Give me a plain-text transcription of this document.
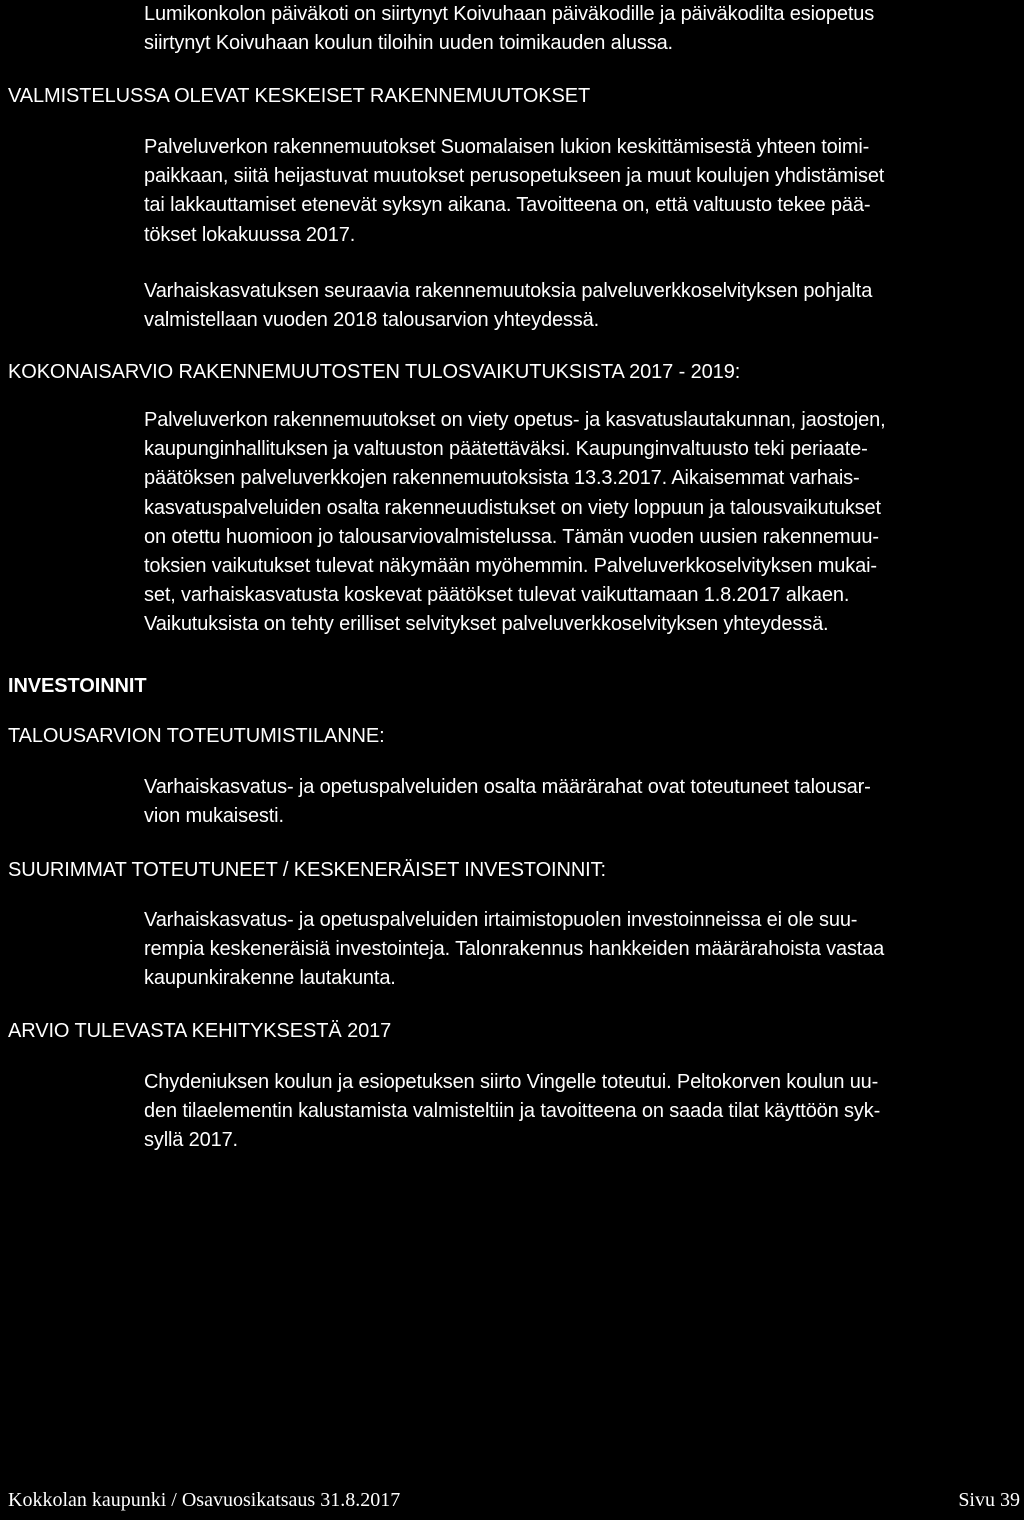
Lumikonkolon päiväkoti on siirtynyt Koivuhaan päiväkodille ja päiväkodilta esiopetus
siirtynyt Koivuhaan koulun tiloihin uuden toimikauden alussa.
VALMISTELUSSA OLEVAT KESKEISET RAKENNEMUUTOKSET
Palveluverkon rakennemuutokset Suomalaisen lukion keskittämisestä yhteen toimi-
paikkaan, siitä heijastuvat muutokset perusopetukseen ja muut koulujen yhdistämiset
tai lakkauttamiset etenevät syksyn aikana. Tavoitteena on, että valtuusto tekee pää-
tökset lokakuussa 2017.
Varhaiskasvatuksen seuraavia rakennemuutoksia palveluverkkoselvityksen pohjalta
valmistellaan vuoden 2018 talousarvion yhteydessä.
KOKONAISARVIO RAKENNEMUUTOSTEN TULOSVAIKUTUKSISTA 2017 - 2019:
Palveluverkon rakennemuutokset on viety opetus- ja kasvatuslautakunnan, jaostojen,
kaupunginhallituksen ja valtuuston päätettäväksi. Kaupunginvaltuusto teki periaate-
päätöksen palveluverkkojen rakennemuutoksista 13.3.2017. Aikaisemmat varhais-
kasvatuspalveluiden osalta rakenneuudistukset on viety loppuun ja talousvaikutukset
on otettu huomioon jo talousarviovalmistelussa. Tämän vuoden uusien rakennemuu-
toksien vaikutukset tulevat näkymään myöhemmin. Palveluverkkoselvityksen mukai-
set, varhaiskasvatusta koskevat päätökset tulevat vaikuttamaan 1.8.2017 alkaen.
Vaikutuksista on tehty erilliset selvitykset palveluverkkoselvityksen yhteydessä.
INVESTOINNIT
TALOUSARVION TOTEUTUMISTILANNE:
Varhaiskasvatus- ja opetuspalveluiden osalta määrärahat ovat toteutuneet talousar-
vion mukaisesti.
SUURIMMAT TOTEUTUNEET / KESKENERÄISET INVESTOINNIT:
Varhaiskasvatus- ja opetuspalveluiden irtaimistopuolen investoinneissa ei ole suu-
rempia keskeneräisiä investointeja. Talonrakennus hankkeiden määrärahoista vastaa
kaupunkirakenne lautakunta.
ARVIO TULEVASTA KEHITYKSESTÄ 2017
Chydeniuksen koulun ja esiopetuksen siirto Vingelle toteutui. Peltokorven koulun uu-
den tilaelementin kalustamista valmisteltiin ja tavoitteena on saada tilat käyttöön syk-
syllä 2017.
Kokkolan kaupunki / Osavuosikatsaus 31.8.2017	Sivu 39
